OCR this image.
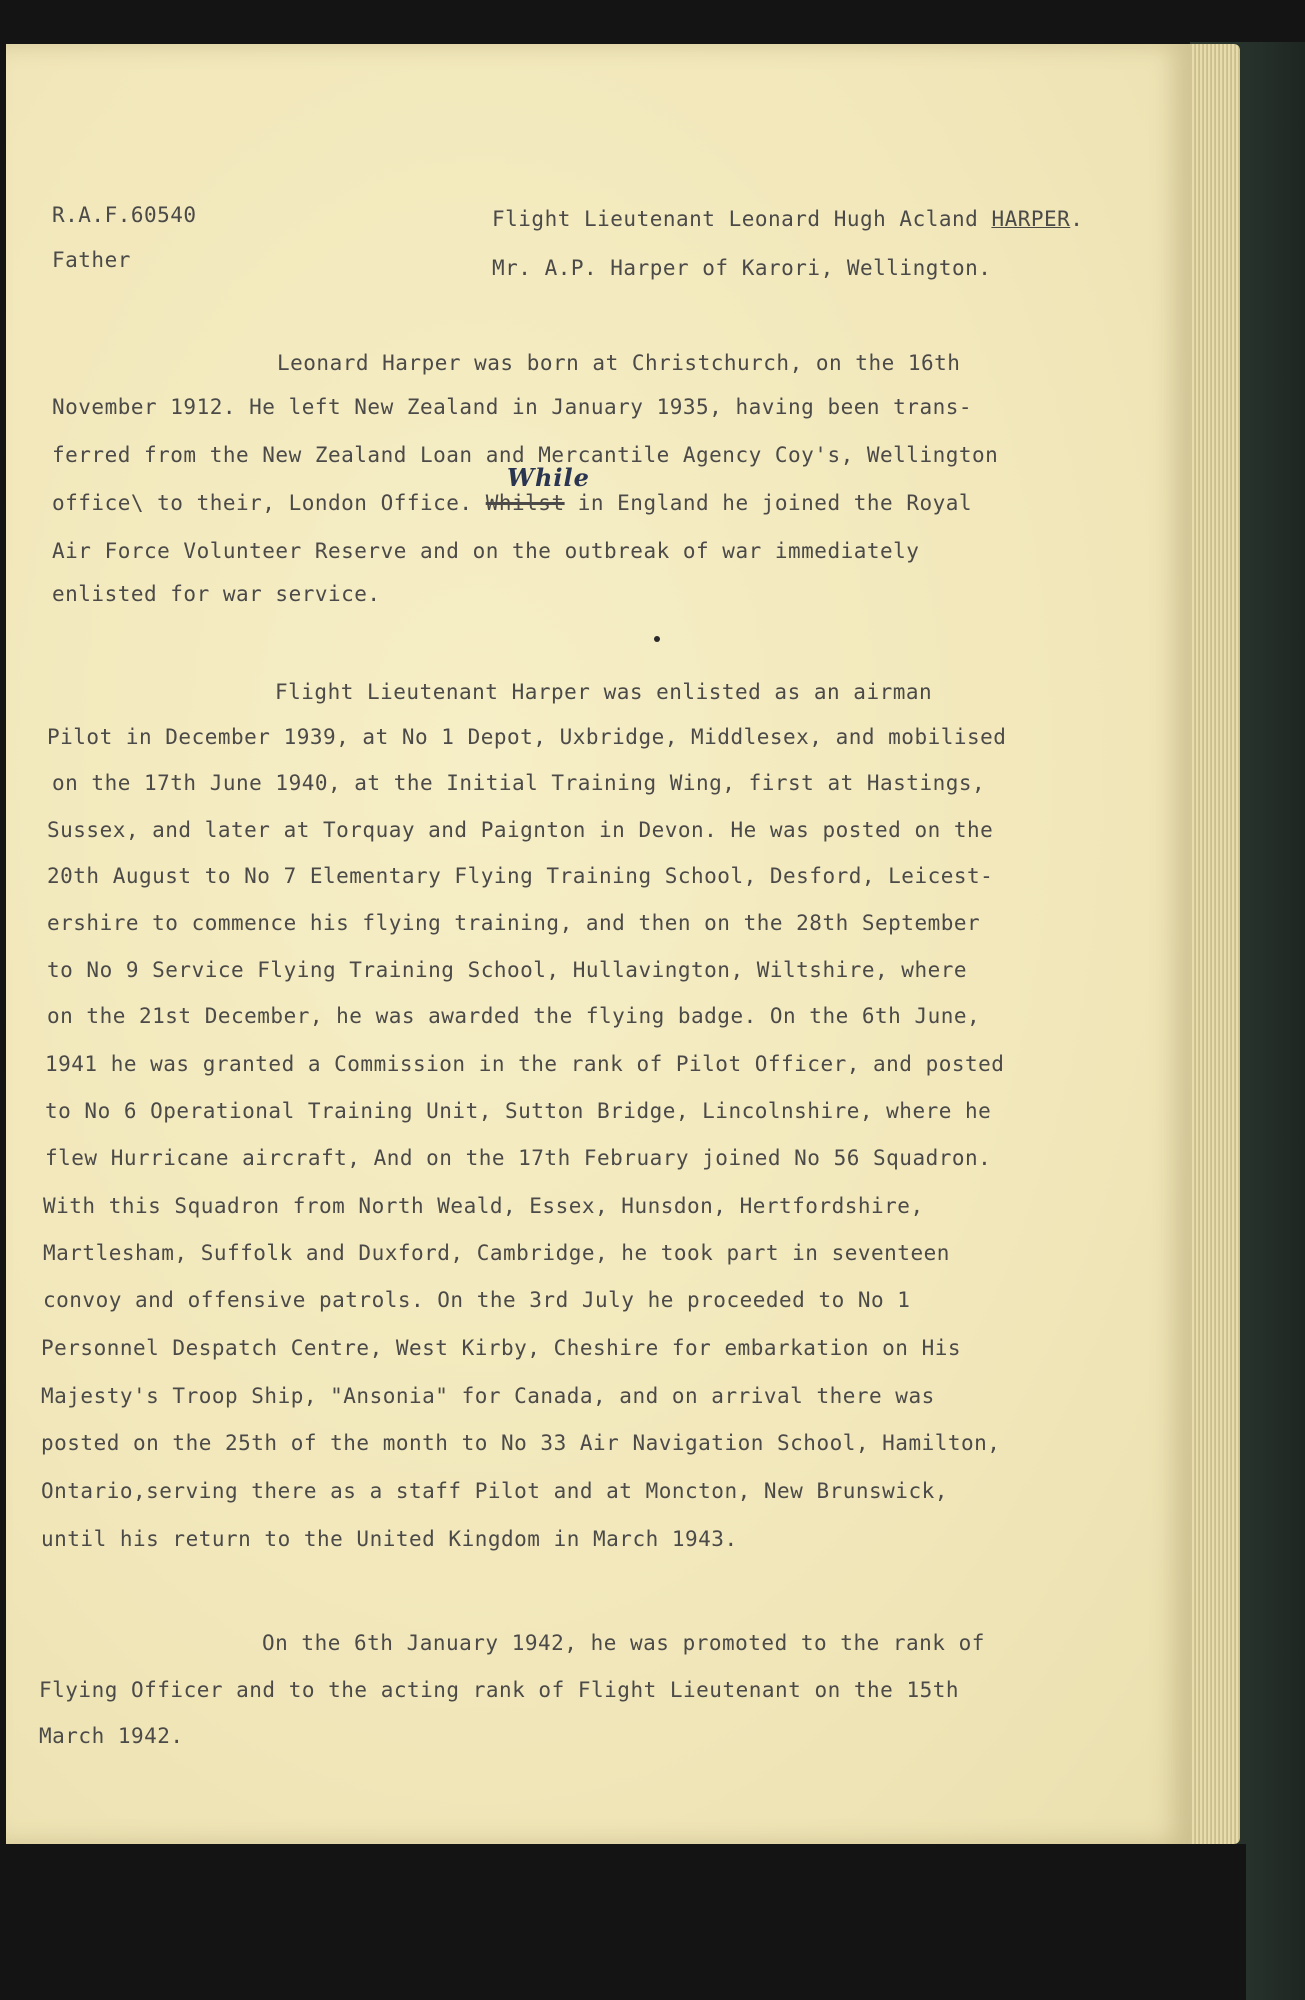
R.A.F.60540	Flight Lieutenant Leonard Hugh Acland HARPER.

Father	Mr. A.P. Harper of Karori, Wellington.

Leonard Harper was born at Christchurch, on the 16th

November 1912. He left New Zealand in January 1935, having been trans-

ferred from the New Zealand Loan and Mercantile Agency Coy's, Wellington

While

office\ to their, London Office. Whilst in England he joined the Royal

Air Force Volunteer Reserve and on the outbreak of war immediately

enlisted for war service.

Flight Lieutenant Harper was enlisted as an airman

Pilot in December 1939, at No 1 Depot, Uxbridge, Middlesex, and mobilised

on the 17th June 1940, at the Initial Training Wing, first at Hastings,

Sussex, and later at Torquay and Paignton in Devon. He was posted on the

20th August to No 7 Elementary Flying Training School, Desford, Leicest-

ershire to commence his flying training, and then on the 28th September

to No 9 Service Flying Training School, Hullavington, Wiltshire, where

on the 21st December, he was awarded the flying badge. On the 6th June,

1941 he was granted a Commission in the rank of Pilot Officer, and posted

to No 6 Operational Training Unit, Sutton Bridge, Lincolnshire, where he

flew Hurricane aircraft, And on the 17th February joined No 56 Squadron.

With this Squadron from North Weald, Essex, Hunsdon, Hertfordshire,

Martlesham, Suffolk and Duxford, Cambridge, he took part in seventeen

convoy and offensive patrols. On the 3rd July he proceeded to No 1

Personnel Despatch Centre, West Kirby, Cheshire for embarkation on His

Majesty's Troop Ship, "Ansonia" for Canada, and on arrival there was

posted on the 25th of the month to No 33 Air Navigation School, Hamilton,

Ontario,serving there as a staff Pilot and at Moncton, New Brunswick,

until his return to the United Kingdom in March 1943.

On the 6th January 1942, he was promoted to the rank of

Flying Officer and to the acting rank of Flight Lieutenant on the 15th

March 1942.
